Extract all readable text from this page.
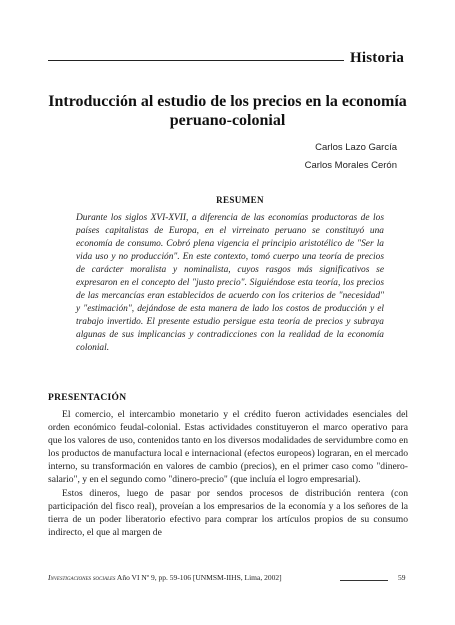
Historia
Introducción al estudio de los precios en la economía peruano-colonial
Carlos Lazo García
Carlos Morales Cerón
RESUMEN

Durante los siglos XVI-XVII, a diferencia de las economías productoras de los países capitalistas de Europa, en el virreinato peruano se constituyó una economía de consumo. Cobró plena vigencia el principio aristotélico de "Ser la vida uso y no producción". En este contexto, tomó cuerpo una teoría de precios de carácter moralista y nominalista, cuyos rasgos más significativos se expresaron en el concepto del "justo precio". Siguiéndose esta teoría, los precios de las mercancías eran establecidos de acuerdo con los criterios de "necesidad" y "estimación", dejándose de esta manera de lado los costos de producción y el trabajo invertido. El presente estudio persigue esta teoría de precios y subraya algunas de sus implicancias y contradicciones con la realidad de la economía colonial.

PRESENTACIÓN

El comercio, el intercambio monetario y el crédito fueron actividades esenciales del orden económico feudal-colonial. Estas actividades constituyeron el marco operativo para que los valores de uso, contenidos tanto en los diversos modalidades de servidumbre como en los productos de manufactura local e internacional (efectos europeos) lograran, en el mercado interno, su transformación en valores de cambio (precios), en el primer caso como "dinero-salario", y en el segundo como "dinero-precio" (que incluía el logro empresarial).

Estos dineros, luego de pasar por sendos procesos de distribución rentera (con participación del fisco real), proveían a los empresarios de la economía y a los señores de la tierra de un poder liberatorio efectivo para comprar los artículos propios de su consumo indirecto, el que al margen de

Investigaciones sociales Año VI Nº 9, pp. 59-106 [UNMSM-IIHS, Lima, 2002]	59
